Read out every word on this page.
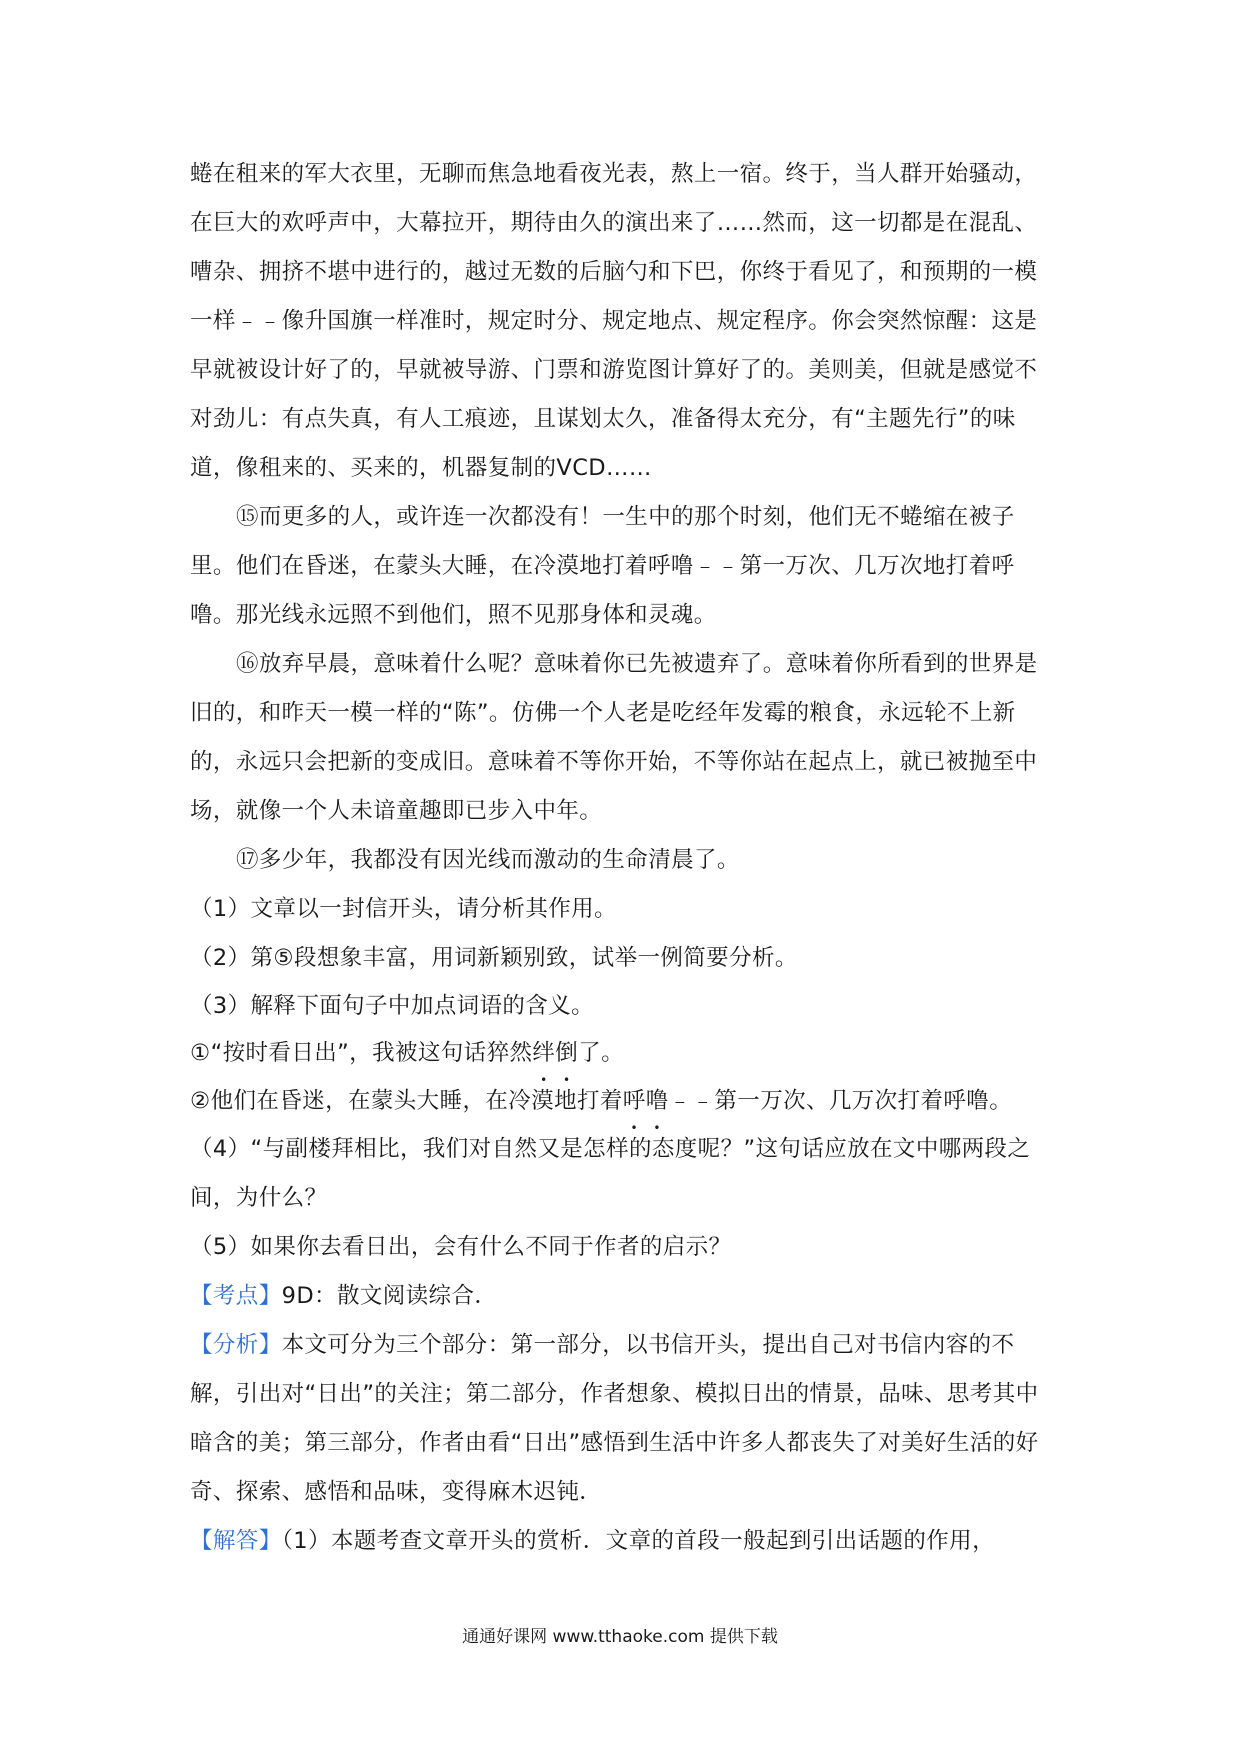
蜷在租来的军大衣里，无聊而焦急地看夜光表，熬上一宿。终于，当人群开始骚动，在巨大的欢呼声中，大幕拉开，期待由久的演出来了……然而，这一切都是在混乱、嘈杂、拥挤不堪中进行的，越过无数的后脑勺和下巴，你终于看见了，和预期的一模一样﹣﹣像升国旗一样准时，规定时分、规定地点、规定程序。你会突然惊醒：这是早就被设计好了的，早就被导游、门票和游览图计算好了的。美则美，但就是感觉不对劲儿：有点失真，有人工痕迹，且谋划太久，准备得太充分，有“主题先行”的味道，像租来的、买来的，机器复制的VCD……

⑮而更多的人，或许连一次都没有！一生中的那个时刻，他们无不蜷缩在被子里。他们在昏迷，在蒙头大睡，在冷漠地打着呼噜﹣﹣第一万次、几万次地打着呼噜。那光线永远照不到他们，照不见那身体和灵魂。

⑯放弃早晨，意味着什么呢？意味着你已先被遗弃了。意味着你所看到的世界是旧的，和昨天一模一样的“陈”。仿佛一个人老是吃经年发霉的粮食，永远轮不上新的，永远只会把新的变成旧。意味着不等你开始，不等你站在起点上，就已被抛至中场，就像一个人未谙童趣即已步入中年。

⑰多少年，我都没有因光线而激动的生命清晨了。

（1）文章以一封信开头，请分析其作用。

（2）第⑤段想象丰富，用词新颖别致，试举一例简要分析。

（3）解释下面句子中加点词语的含义。

①“按时看日出”，我被这句话猝然绊倒了。

②他们在昏迷，在蒙头大睡，在冷漠地打着呼噜﹣﹣第一万次、几万次打着呼噜。

（4）“与副楼拜相比，我们对自然又是怎样的态度呢？”这句话应放在文中哪两段之间，为什么？

（5）如果你去看日出，会有什么不同于作者的启示？

【考点】9D：散文阅读综合．

【分析】本文可分为三个部分：第一部分，以书信开头，提出自己对书信内容的不解，引出对“日出”的关注；第二部分，作者想象、模拟日出的情景，品味、思考其中暗含的美；第三部分，作者由看“日出”感悟到生活中许多人都丧失了对美好生活的好奇、探索、感悟和品味，变得麻木迟钝．

【解答】（1）本题考查文章开头的赏析．文章的首段一般起到引出话题的作用，

通通好课网 www.tthaoke.com 提供下载
